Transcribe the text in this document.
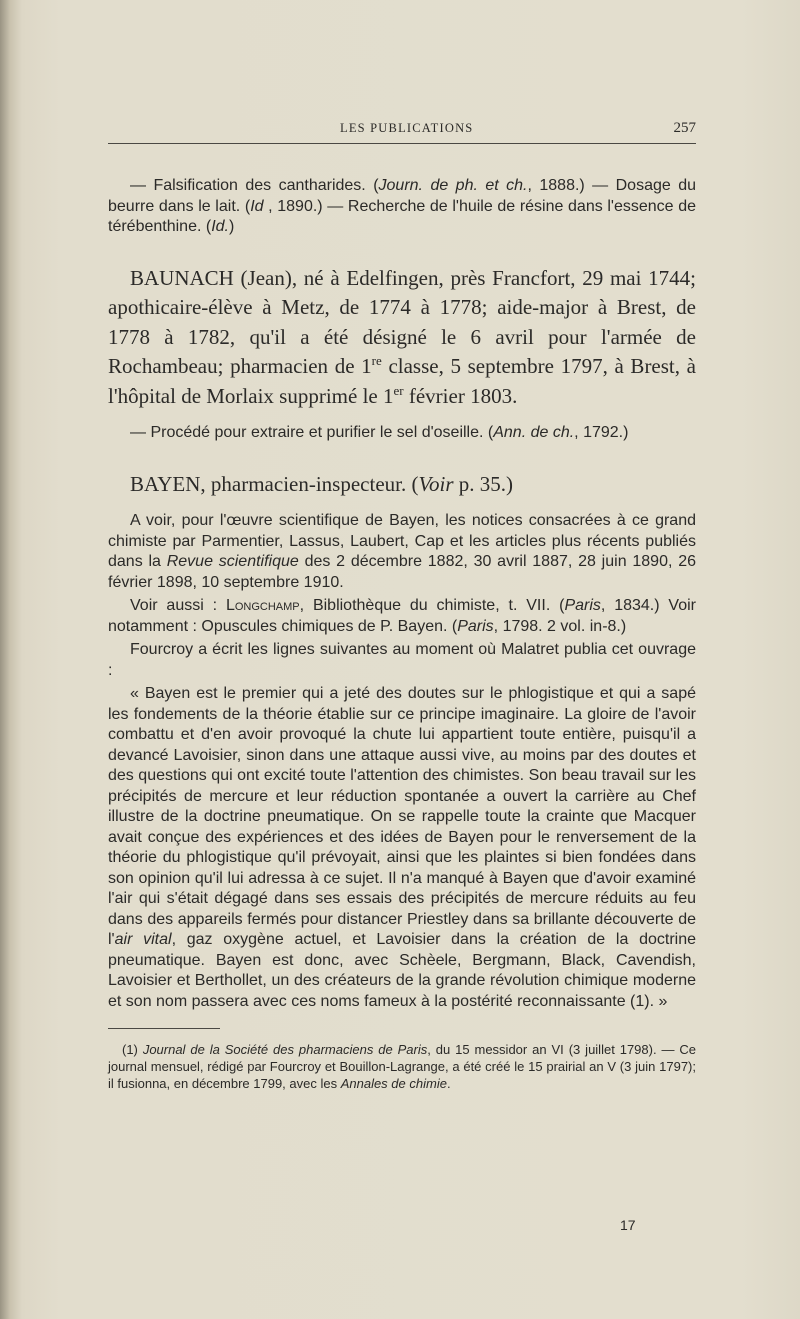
LES PUBLICATIONS	257

— Falsification des cantharides. (Journ. de ph. et ch., 1888.) — Dosage du beurre dans le lait. (Id , 1890.) — Recherche de l'huile de résine dans l'essence de térébenthine. (Id.)

BAUNACH (Jean), né à Edelfingen, près Francfort, 29 mai 1744; apothicaire-élève à Metz, de 1774 à 1778; aide-major à Brest, de 1778 à 1782, qu'il a été désigné le 6 avril pour l'armée de Rochambeau; pharmacien de 1re classe, 5 septembre 1797, à Brest, à l'hôpital de Morlaix supprimé le 1er février 1803.

— Procédé pour extraire et purifier le sel d'oseille. (Ann. de ch., 1792.)

BAYEN, pharmacien-inspecteur. (Voir p. 35.)

A voir, pour l'œuvre scientifique de Bayen, les notices consacrées à ce grand chimiste par Parmentier, Lassus, Laubert, Cap et les articles plus récents publiés dans la Revue scientifique des 2 décembre 1882, 30 avril 1887, 28 juin 1890, 26 février 1898, 10 septembre 1910.

Voir aussi : Longchamp, Bibliothèque du chimiste, t. VII. (Paris, 1834.) Voir notamment : Opuscules chimiques de P. Bayen. (Paris, 1798. 2 vol. in-8.)

Fourcroy a écrit les lignes suivantes au moment où Malatret publia cet ouvrage :

« Bayen est le premier qui a jeté des doutes sur le phlogistique et qui a sapé les fondements de la théorie établie sur ce principe imaginaire. La gloire de l'avoir combattu et d'en avoir provoqué la chute lui appartient toute entière, puisqu'il a devancé Lavoisier, sinon dans une attaque aussi vive, au moins par des doutes et des questions qui ont excité toute l'attention des chimistes. Son beau travail sur les précipités de mercure et leur réduction spontanée a ouvert la carrière au Chef illustre de la doctrine pneumatique. On se rappelle toute la crainte que Macquer avait conçue des expériences et des idées de Bayen pour le renversement de la théorie du phlogistique qu'il prévoyait, ainsi que les plaintes si bien fondées dans son opinion qu'il lui adressa à ce sujet. Il n'a manqué à Bayen que d'avoir examiné l'air qui s'était dégagé dans ses essais des précipités de mercure réduits au feu dans des appareils fermés pour distancer Priestley dans sa brillante découverte de l'air vital, gaz oxygène actuel, et Lavoisier dans la création de la doctrine pneumatique. Bayen est donc, avec Schèele, Bergmann, Black, Cavendish, Lavoisier et Berthollet, un des créateurs de la grande révolution chimique moderne et son nom passera avec ces noms fameux à la postérité reconnaissante (1). »

(1) Journal de la Société des pharmaciens de Paris, du 15 messidor an VI (3 juillet 1798). — Ce journal mensuel, rédigé par Fourcroy et Bouillon-Lagrange, a été créé le 15 prairial an V (3 juin 1797); il fusionna, en décembre 1799, avec les Annales de chimie.

17
